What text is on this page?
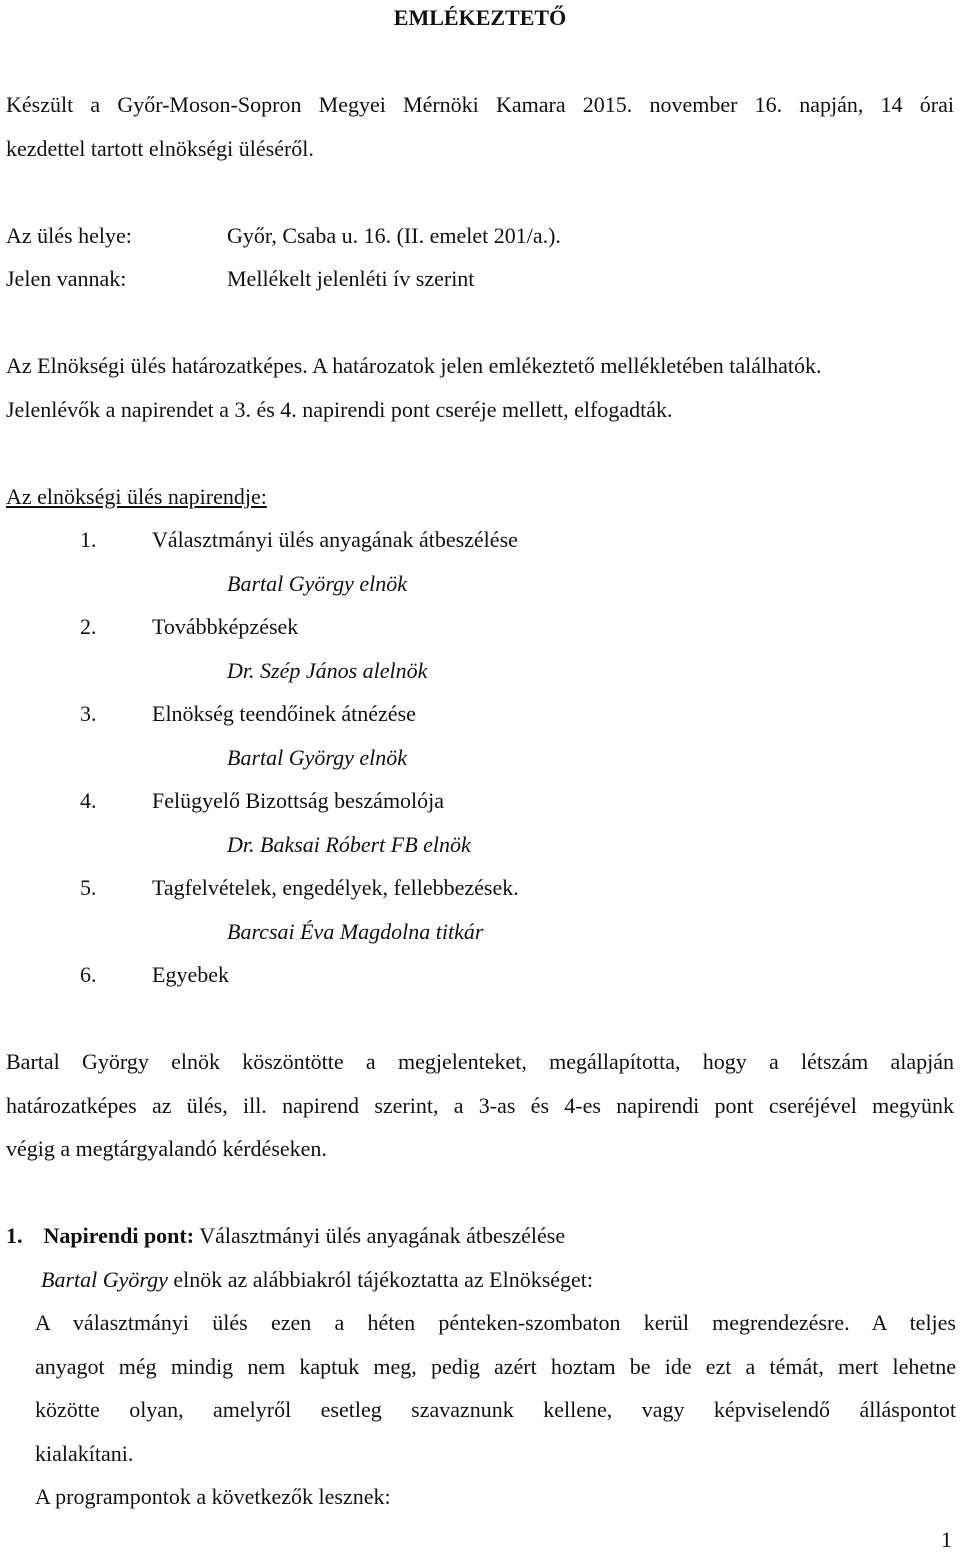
EMLÉKEZTETŐ
Készült a Győr-Moson-Sopron Megyei Mérnöki Kamara 2015. november 16. napján, 14 órai
kezdettel tartott elnökségi üléséről.
Az ülés helye:	Győr, Csaba u. 16. (II. emelet 201/a.).
Jelen vannak:	Mellékelt jelenléti ív szerint
Az Elnökségi ülés határozatképes. A határozatok jelen emlékeztető mellékletében találhatók.
Jelenlévők a napirendet a 3. és 4. napirendi pont cseréje mellett, elfogadták.
Az elnökségi ülés napirendje:
1.	Választmányi ülés anyagának átbeszélése
Bartal György elnök
2.	Továbbképzések
Dr. Szép János alelnök
3.	Elnökség teendőinek átnézése
Bartal György elnök
4.	Felügyelő Bizottság beszámolója
Dr. Baksai Róbert FB elnök
5.	Tagfelvételek, engedélyek, fellebbezések.
Barcsai Éva Magdolna titkár
6.	Egyebek
Bartal György elnök köszöntötte a megjelenteket, megállapította, hogy a létszám alapján
határozatképes az ülés, ill. napirend szerint, a 3-as és 4-es napirendi pont cseréjével megyünk
végig a megtárgyalandó kérdéseken.
1. Napirendi pont: Választmányi ülés anyagának átbeszélése
Bartal György elnök az alábbiakról tájékoztatta az Elnökséget:
A választmányi ülés ezen a héten pénteken-szombaton kerül megrendezésre. A teljes
anyagot még mindig nem kaptuk meg, pedig azért hoztam be ide ezt a témát, mert lehetne
közötte olyan, amelyről esetleg szavaznunk kellene, vagy képviselendő álláspontot
kialakítani.
A programpontok a következők lesznek:
1
